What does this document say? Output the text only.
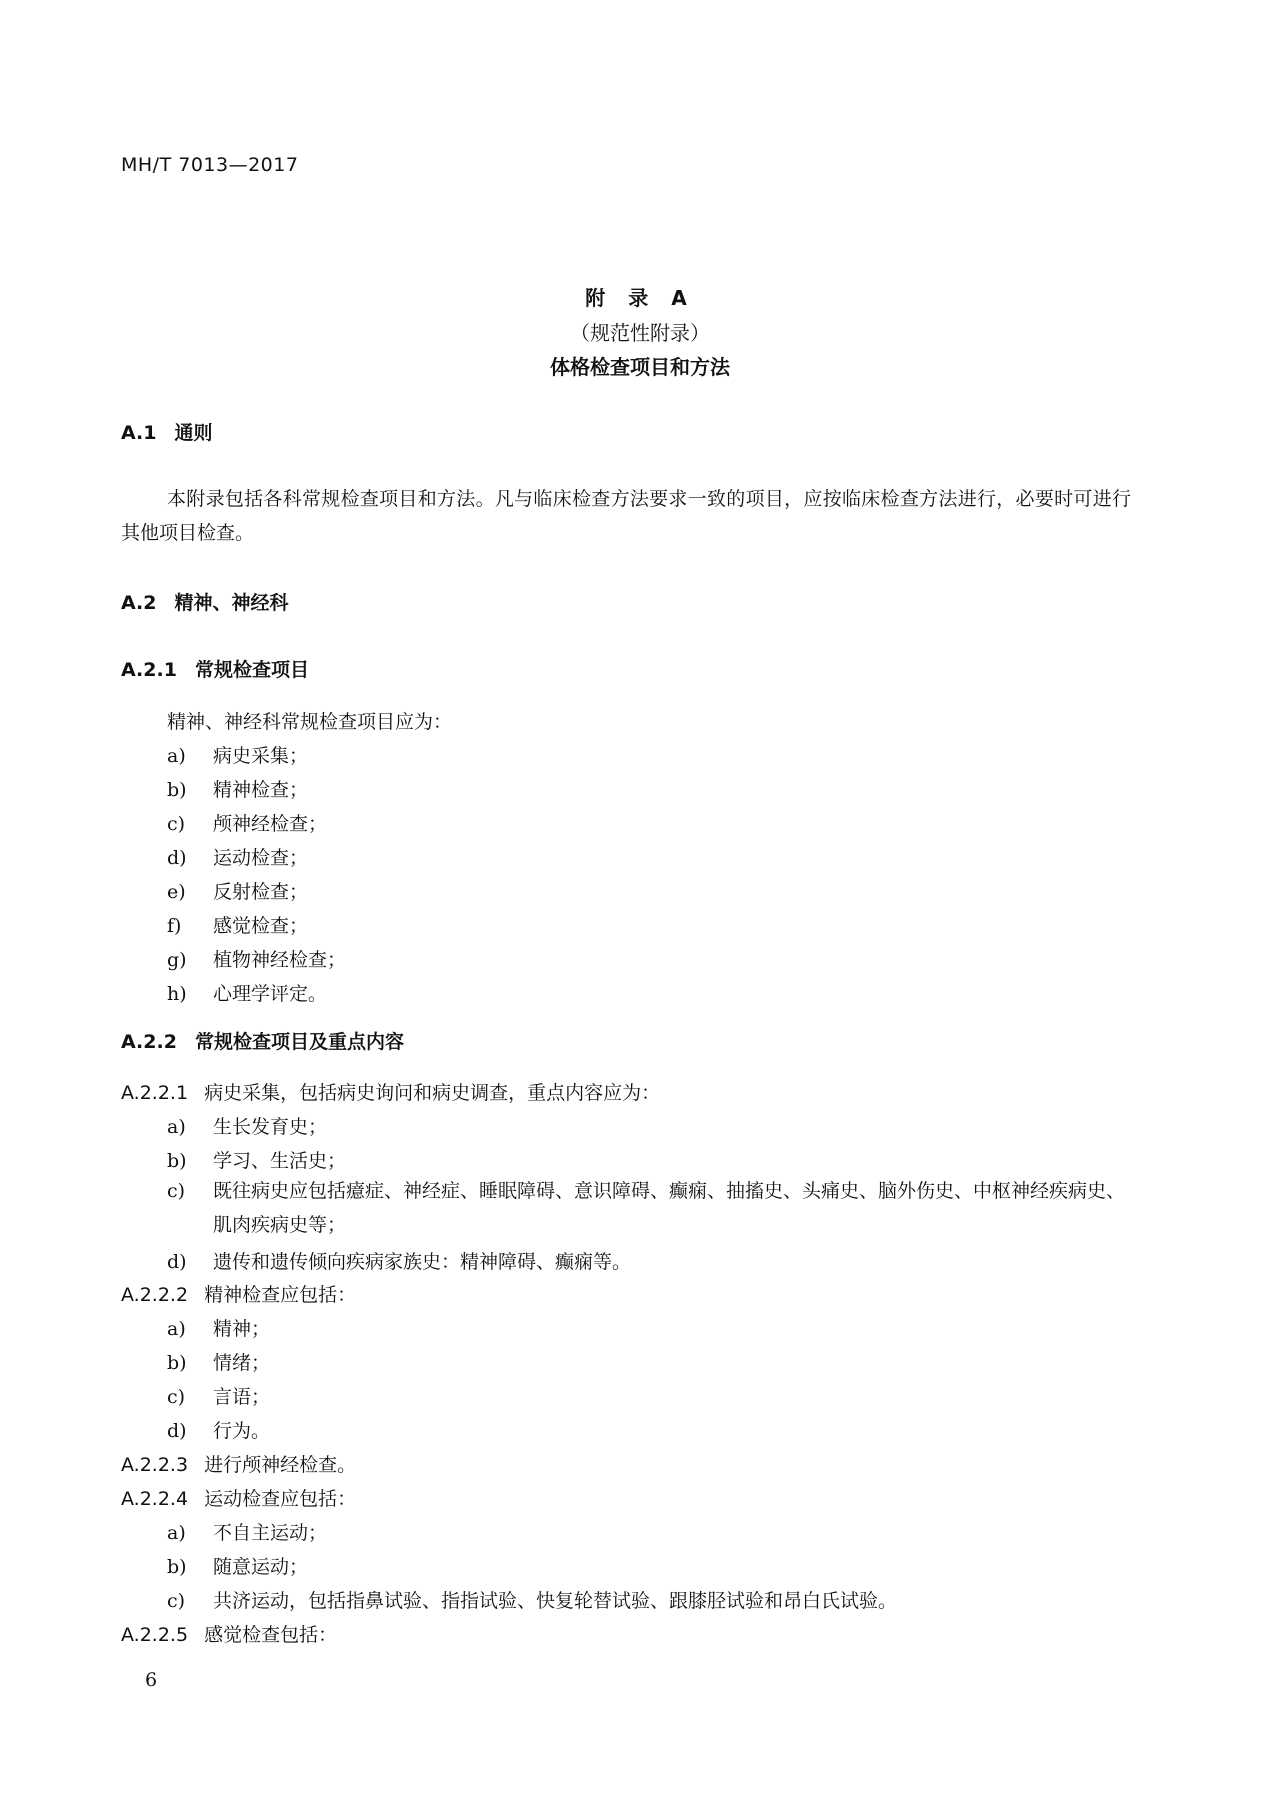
MH/T 7013—2017
附 录 A
（规范性附录）
体格检查项目和方法
A.1 通则
本附录包括各科常规检查项目和方法。凡与临床检查方法要求一致的项目，应按临床检查方法进行，必要时可进行其他项目检查。
A.2 精神、神经科
A.2.1 常规检查项目
精神、神经科常规检查项目应为：
a) 病史采集；
b) 精神检查；
c) 颅神经检查；
d) 运动检查；
e) 反射检查；
f) 感觉检查；
g) 植物神经检查；
h) 心理学评定。
A.2.2 常规检查项目及重点内容
A.2.2.1 病史采集，包括病史询问和病史调查，重点内容应为：
a) 生长发育史；
b) 学习、生活史；
c) 既往病史应包括癔症、神经症、睡眠障碍、意识障碍、癫痫、抽搐史、头痛史、脑外伤史、中枢神经疾病史、肌肉疾病史等；
d) 遗传和遗传倾向疾病家族史：精神障碍、癫痫等。
A.2.2.2 精神检查应包括：
a) 精神；
b) 情绪；
c) 言语；
d) 行为。
A.2.2.3 进行颅神经检查。
A.2.2.4 运动检查应包括：
a) 不自主运动；
b) 随意运动；
c) 共济运动，包括指鼻试验、指指试验、快复轮替试验、跟膝胫试验和昂白氏试验。
A.2.2.5 感觉检查包括：
6
